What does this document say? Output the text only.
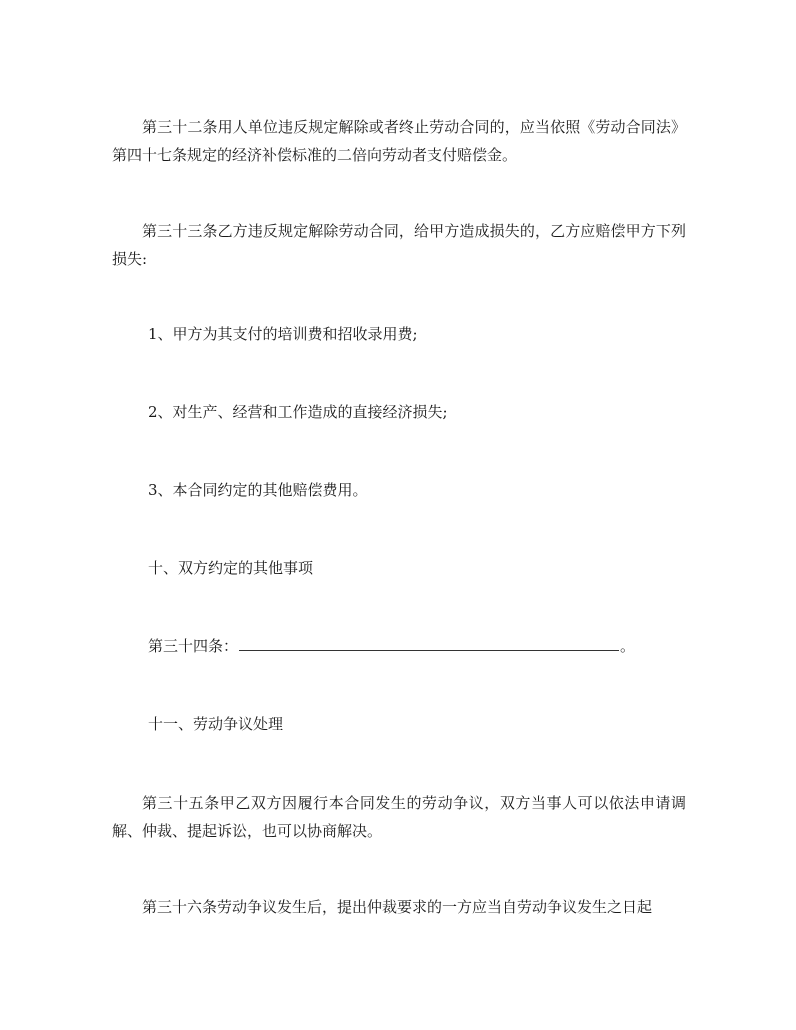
第三十二条用人单位违反规定解除或者终止劳动合同的，应当依照《劳动合同法》第四十七条规定的经济补偿标准的二倍向劳动者支付赔偿金。

第三十三条乙方违反规定解除劳动合同，给甲方造成损失的，乙方应赔偿甲方下列损失:

1、甲方为其支付的培训费和招收录用费;

2、对生产、经营和工作造成的直接经济损失;

3、本合同约定的其他赔偿费用。

十、双方约定的其他事项

第三十四条：	。

十一、劳动争议处理

第三十五条甲乙双方因履行本合同发生的劳动争议，双方当事人可以依法申请调解、仲裁、提起诉讼，也可以协商解决。

第三十六条劳动争议发生后，提出仲裁要求的一方应当自劳动争议发生之日起
